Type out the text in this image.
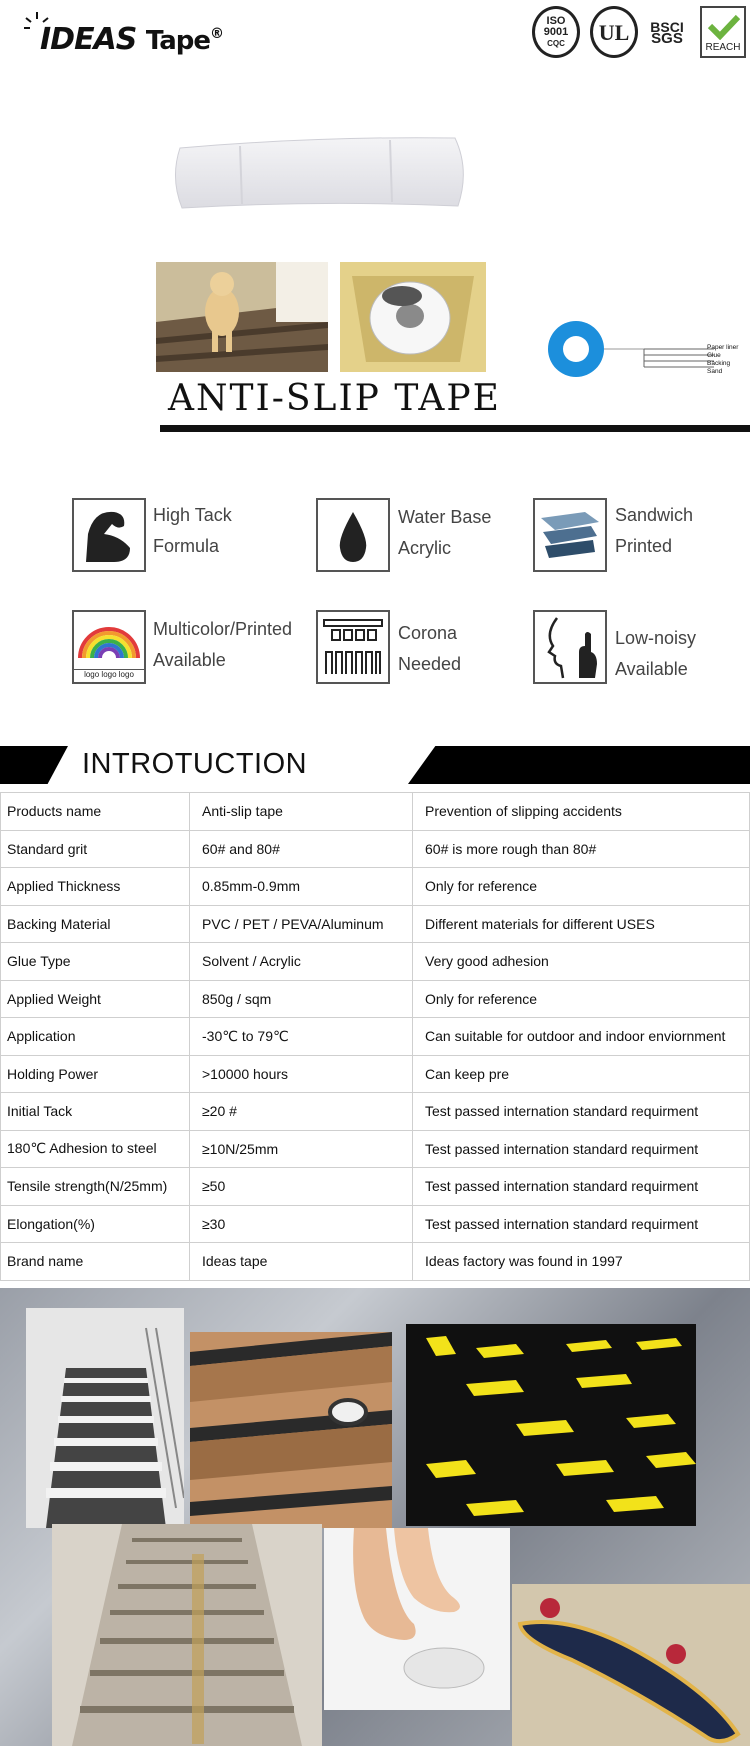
IDEAS Tape®
ISO 9001
CQC	UL BSCI
SGS
REACH
Paper liner
Glue
Backing
Sand
ANTI-SLIP TAPE
High Tack
Formula
Water Base
Acrylic
Sandwich
Printed
logo logo logo
Multicolor/Printed
Available
Corona
Needed
Low-noisy
Available
INTROTUCTION
Products name	Anti-slip tape	Prevention of slipping accidents
Standard grit	60# and 80#	60# is more rough than 80#
Applied Thickness	0.85mm-0.9mm	Only for reference
Backing Material	PVC / PET / PEVA/Aluminum	Different materials for different USES
Glue Type	Solvent / Acrylic	Very good adhesion
Applied Weight	850g / sqm	Only for reference
Application	-30℃ to 79℃	Can suitable for outdoor and indoor enviornment
Holding Power	>10000 hours	Can keep pre
Initial Tack	≥20 #	Test passed internation standard requirment
180℃ Adhesion to steel	≥10N/25mm	Test passed internation standard requirment
Tensile strength(N/25mm)	≥50	Test passed internation standard requirment
Elongation(%)	≥30	Test passed internation standard requirment
Brand name	Ideas tape	Ideas factory was found in 1997
